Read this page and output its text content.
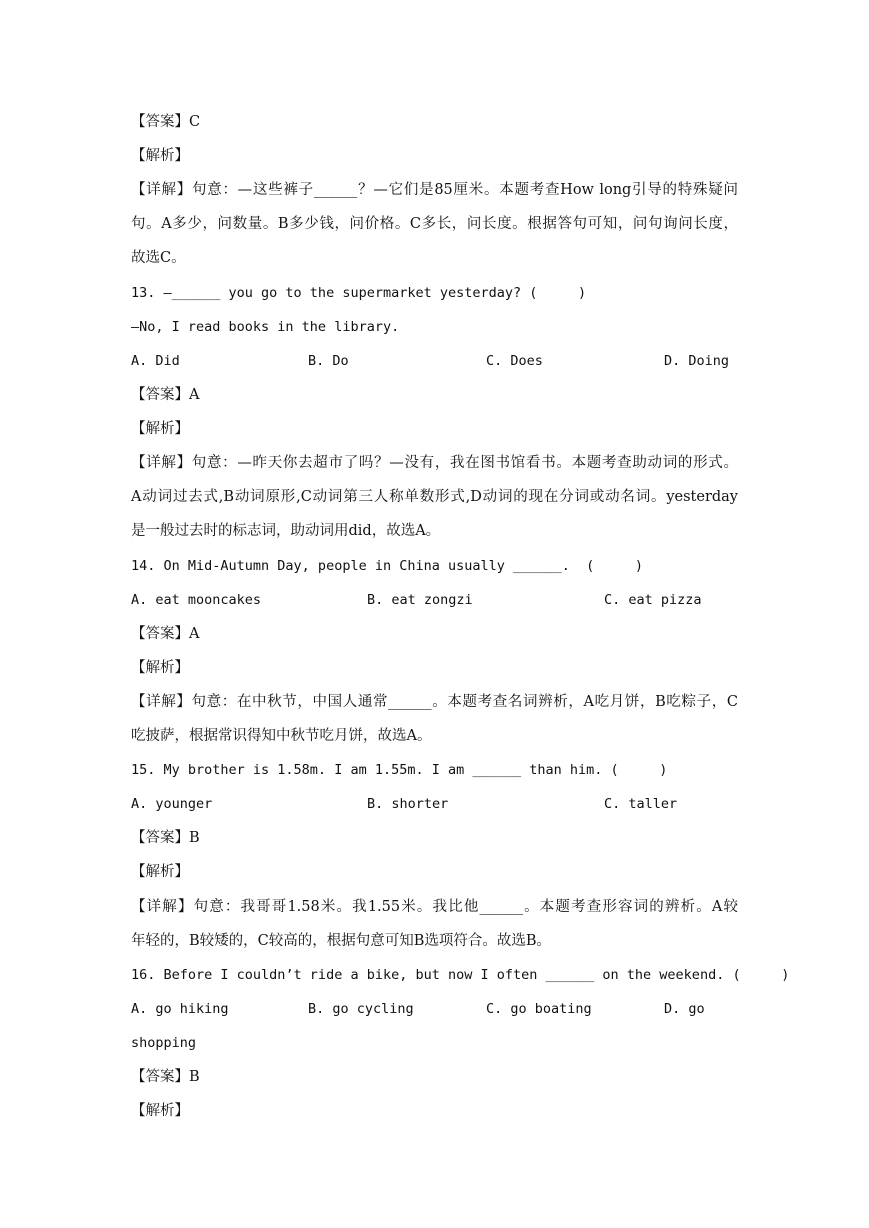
【答案】C
【解析】
【详解】句意：—这些裤子______？—它们是85厘米。本题考查How long引导的特殊疑问
句。A多少，问数量。B多少钱，问价格。C多长，问长度。根据答句可知，问句询问长度，
故选C。
13. —______ you go to the supermarket yesterday? (     )
—No, I read books in the library.
A. Did	B. Do	C. Does	D. Doing
【答案】A
【解析】
【详解】句意：—昨天你去超市了吗？—没有，我在图书馆看书。本题考查助动词的形式。
A动词过去式,B动词原形,C动词第三人称单数形式,D动词的现在分词或动名词。yesterday
是一般过去时的标志词，助动词用did，故选A。
14. On Mid-Autumn Day, people in China usually ______.  (     )
A. eat mooncakes	B. eat zongzi	C. eat pizza
【答案】A
【解析】
【详解】句意：在中秋节，中国人通常______。本题考查名词辨析，A吃月饼，B吃粽子，C
吃披萨，根据常识得知中秋节吃月饼，故选A。
15. My brother is 1.58m. I am 1.55m. I am ______ than him. (     )
A. younger	B. shorter	C. taller
【答案】B
【解析】
【详解】句意：我哥哥1.58米。我1.55米。我比他______。本题考查形容词的辨析。A较
年轻的，B较矮的，C较高的，根据句意可知B选项符合。故选B。
16. Before I couldn’t ride a bike, but now I often ______ on the weekend. (     )
A. go hiking	B. go cycling	C. go boating	D. go
shopping
【答案】B
【解析】
